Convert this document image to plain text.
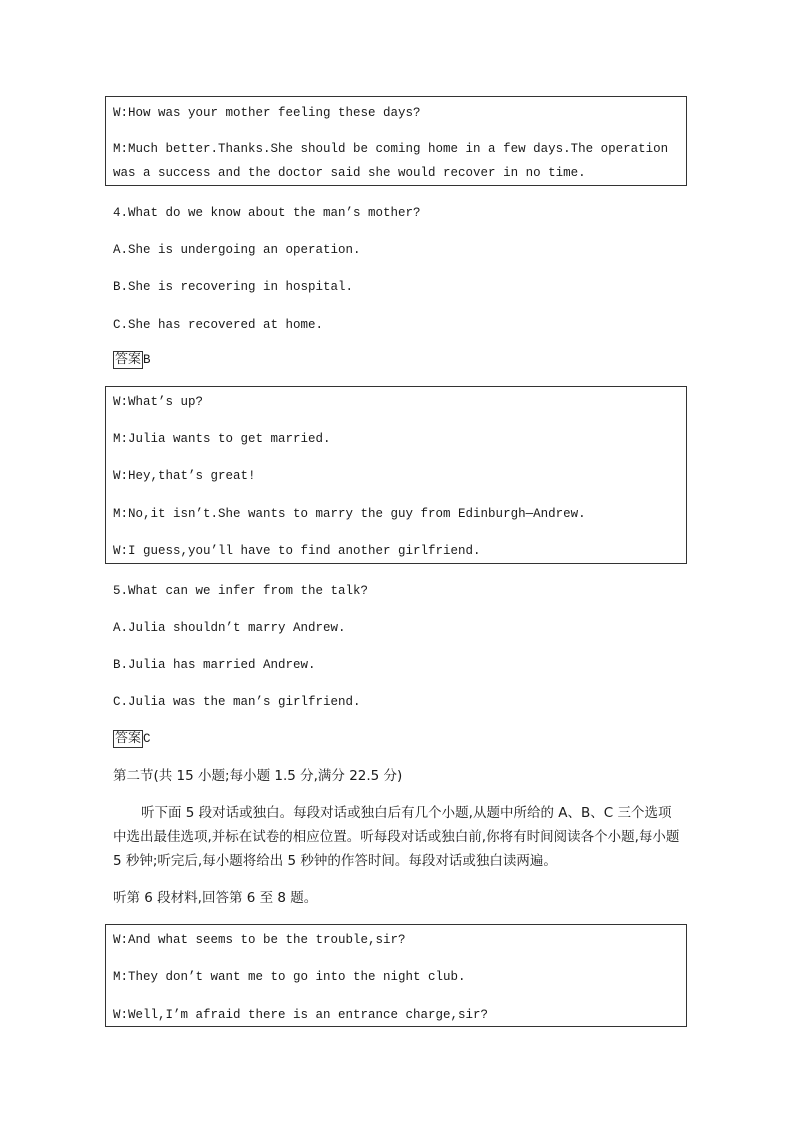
W:How was your mother feeling these days?
M:Much better.Thanks.She should be coming home in a few days.The operation was a success and the doctor said she would recover in no time.
4.What do we know about the man’s mother?
A.She is undergoing an operation.
B.She is recovering in hospital.
C.She has recovered at home.
答案 B
W:What’s up?
M:Julia wants to get married.
W:Hey,that’s great!
M:No,it isn’t.She wants to marry the guy from Edinburgh—Andrew.
W:I guess,you’ll have to find another girlfriend.
5.What can we infer from the talk?
A.Julia shouldn’t marry Andrew.
B.Julia has married Andrew.
C.Julia was the man’s girlfriend.
答案 C
第二节(共 15 小题;每小题 1.5 分,满分 22.5 分)
听下面 5 段对话或独白。每段对话或独白后有几个小题,从题中所给的 A、B、C 三个选项中选出最佳选项,并标在试卷的相应位置。听每段对话或独白前,你将有时间阅读各个小题,每小题 5 秒钟;听完后,每小题将给出 5 秒钟的作答时间。每段对话或独白读两遍。
听第 6 段材料,回答第 6 至 8 题。
W:And what seems to be the trouble,sir?
M:They don’t want me to go into the night club.
W:Well,I’m afraid there is an entrance charge,sir?
